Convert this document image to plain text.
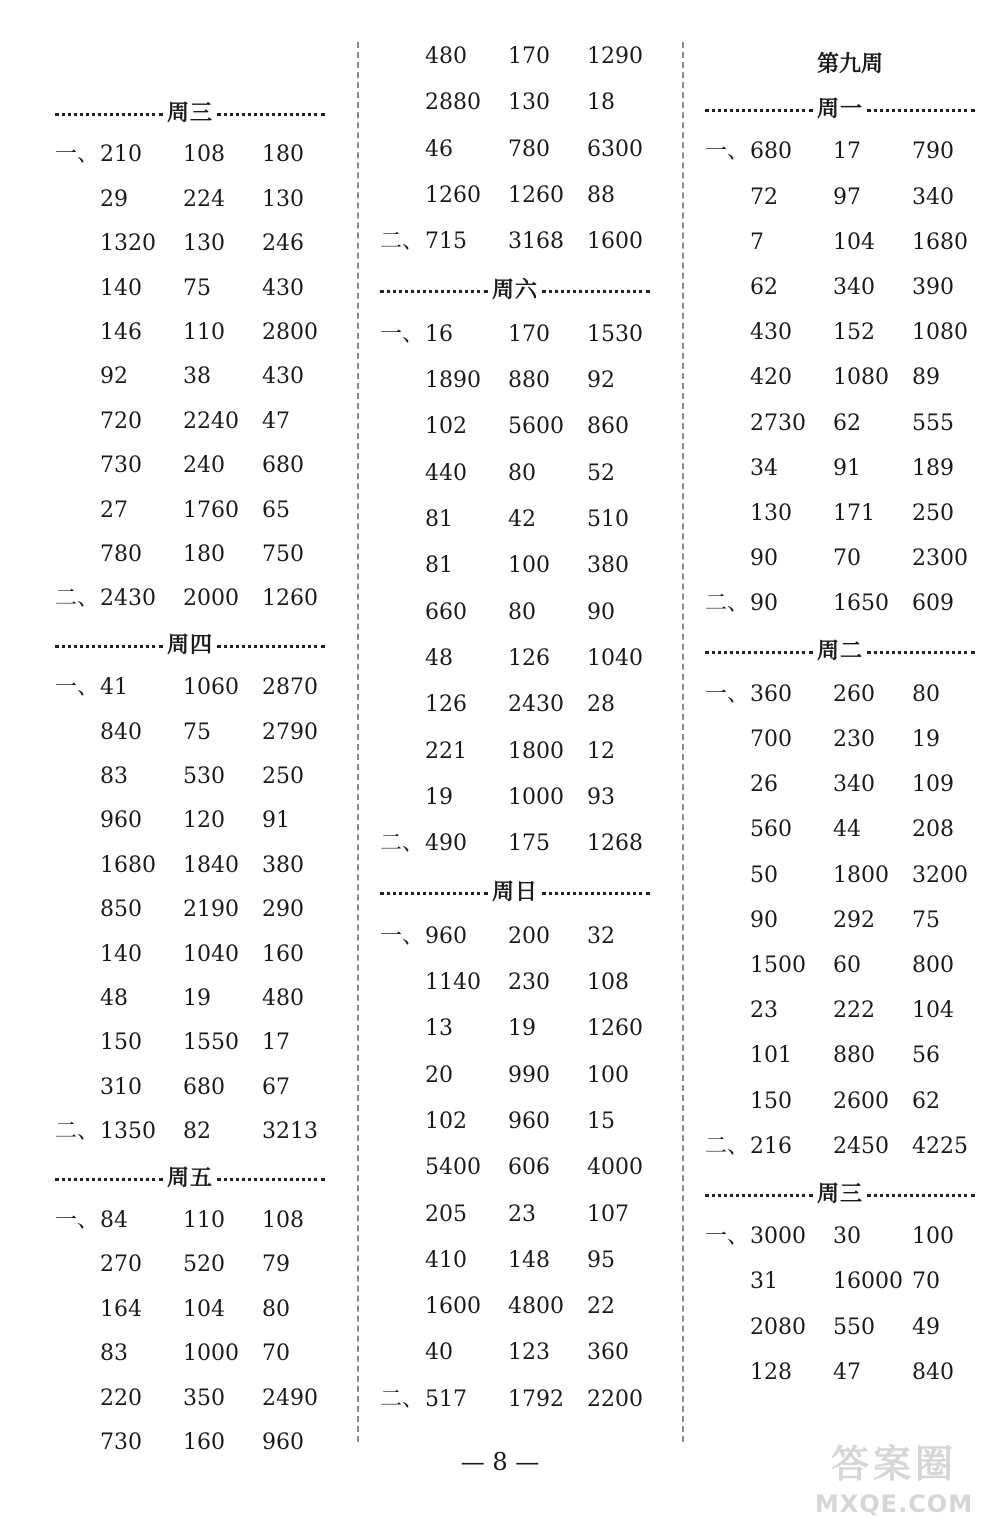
周三
一、 210 108 180
29	224 130
1320 130 246
140 75 430
146 110 2800
92	38 430
720 2240 47
730 240 680
27	1760 65
780 180 750
二、 2430 2000 1260
周四
一、 41	1060 2870
840 75 2790
83	530 250
960 120 91
1680 1840 380
850 2190 290
140 1040 160
48	19 480
150 1550 17
310 680 67
二、 1350 82 3213
周五
一、 84	110 108
270 520 79
164 104 80
83	1000 70
220 350 2490
730 160 960
480 170 1290
2880 130 18
46	780 6300
1260 1260 88
二、 715 3168 1600
周六
一、 16	170 1530
1890 880 92
102 5600 860
440 80 52
81	42 510
81	100 380
660 80 90
48	126 1040
126 2430 28
221 1800 12
19	1000 93
二、 490 175 1268
周日
一、 960 200 32
1140 230 108
13	19 1260
20	990 100
102 960 15
5400 606 4000
205 23 107
410 148 95
1600 4800 22
40	123 360
二、 517 1792 2200
第九周
周一
一、 680 17 790
72	97 340
7	104 1680
62	340 390
430 152 1080
420 1080 89
2730 62 555
34	91 189
130 171 250
90	70 2300
二、 90	1650 609
周二
一、 360 260 80
700 230 19
26	340 109
560 44 208
50	1800 3200
90	292 75
1500 60 800
23	222 104
101 880 56
150 2600 62
二、 216 2450 4225
周三
一、 3000 30 100
31	16000 70
2080 550 49
128 47 840
— 8 —	答案圈
MXQE.COM
